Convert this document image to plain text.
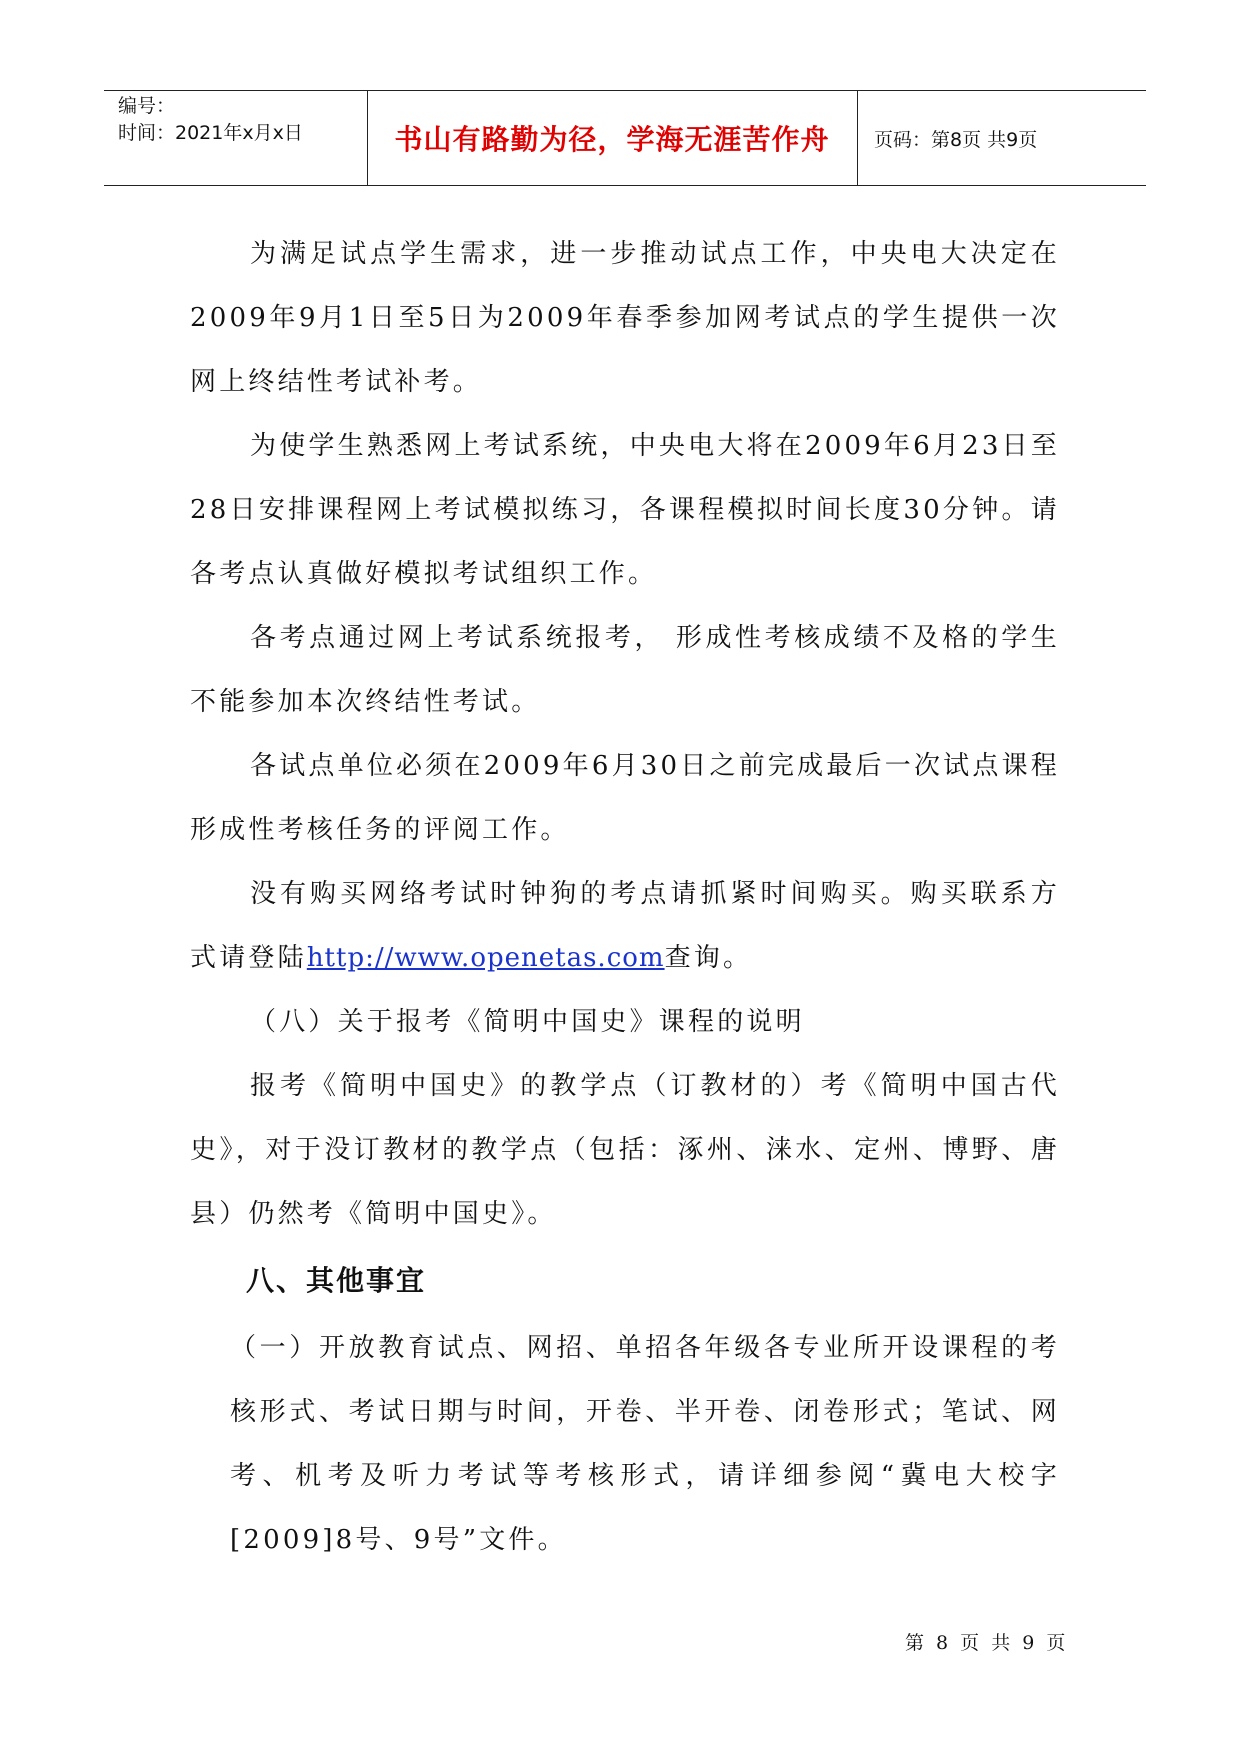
编号：
时间：2021年x月x日	书山有路勤为径，学海无涯苦作舟	页码：第8页 共9页

为满足试点学生需求，进一步推动试点工作，中央电大决定在2009年9月1日至5日为2009年春季参加网考试点的学生提供一次网上终结性考试补考。

为使学生熟悉网上考试系统，中央电大将在2009年6月23日至28日安排课程网上考试模拟练习，各课程模拟时间长度30分钟。请各考点认真做好模拟考试组织工作。

各考点通过网上考试系统报考， 形成性考核成绩不及格的学生不能参加本次终结性考试。

各试点单位必须在2009年6月30日之前完成最后一次试点课程形成性考核任务的评阅工作。

没有购买网络考试时钟狗的考点请抓紧时间购买。购买联系方式请登陆http://www.openetas.com查询。

（八）关于报考《简明中国史》课程的说明

报考《简明中国史》的教学点（订教材的）考《简明中国古代史》，对于没订教材的教学点（包括：涿州、涞水、定州、博野、唐县）仍然考《简明中国史》。

八、其他事宜

（一）开放教育试点、网招、单招各年级各专业所开设课程的考核形式、考试日期与时间，开卷、半开卷、闭卷形式；笔试、网考、机考及听力考试等考核形式，请详细参阅“冀电大校字[2009]8号、9号”文件。

第 8 页 共 9 页
